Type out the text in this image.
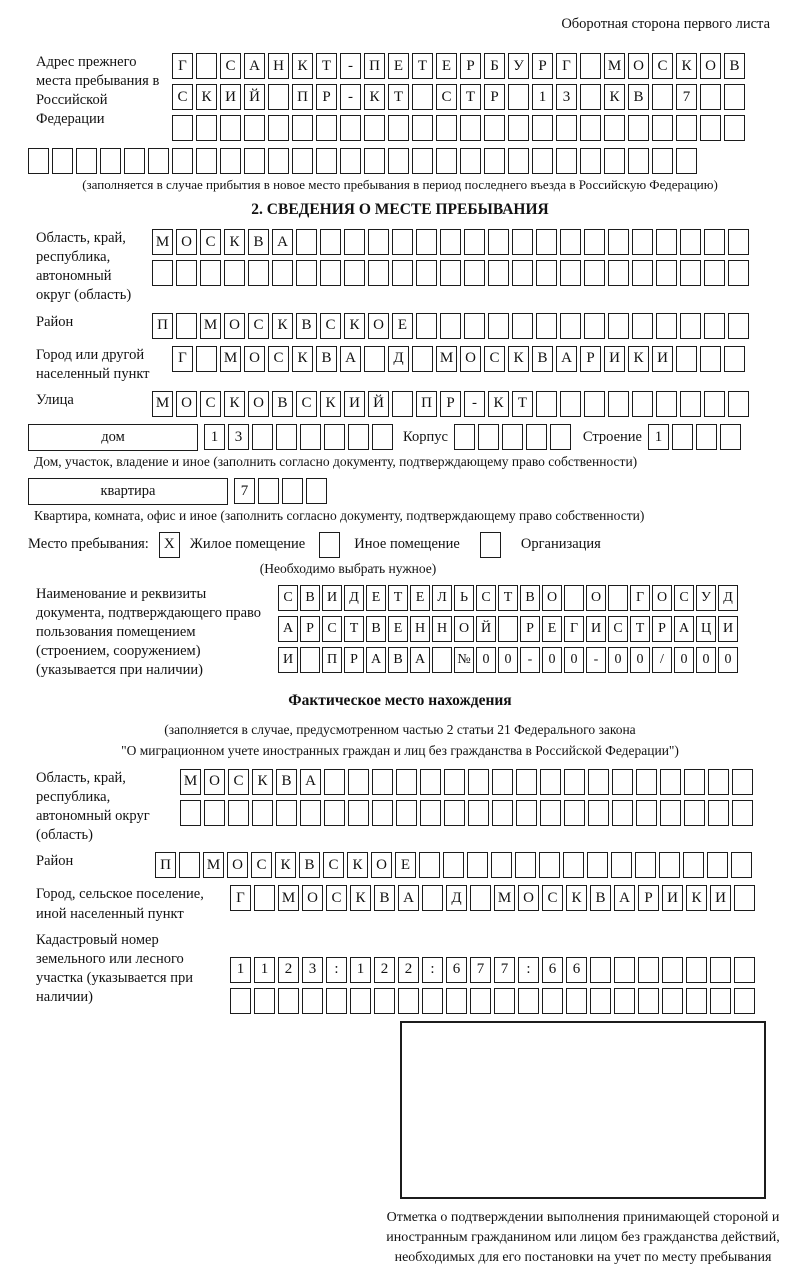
Оборотная сторона первого листа
Адрес прежнего места пребывания в Российской Федерации
Г	С А Н К Т	-	П Е Т Е	Р	Б У Р	Г	М О С К О В
С К И Й	П Р	-	К Т	С Т	Р	1	3	К В	7
(заполняется в случае прибытия в новое место пребывания в период последнего въезда в Российскую Федерацию)
2. СВЕДЕНИЯ О МЕСТЕ ПРЕБЫВАНИЯ
Область, край, республика, автономный округ (область)
М О С К В А
Район	П	М О С К В С К О Е
Город или другой населенный пункт
Г	М О С К В А	Д	М О С К В А Р И К И
Улица	М О С К О В С К И Й	П Р	-	К Т
дом	1	3	Корпус	Строение 1
Дом, участок, владение и иное (заполнить согласно документу, подтверждающему право собственности)
квартира	7
Квартира, комната, офис и иное (заполнить согласно документу, подтверждающему право собственности)
Место пребывания:	X	Жилое помещение	Иное помещение	Организация
(Необходимо выбрать нужное)
Наименование и реквизиты документа, подтверждающего право пользования помещением (строением, сооружением) (указывается при наличии)
С В И Д Е Т Е Л Ь С Т В О	О	Г О С У Д
А Р С Т В Е Н Н О Й	Р Е Г И С Т Р А Ц И
И	П Р А В А	№ 0	0	-	0	0	-	0	0	/	0	0	0
Фактическое место нахождения
(заполняется в случае, предусмотренном частью 2 статьи 21 Федерального закона
"О миграционном учете иностранных граждан и лиц без гражданства в Российской Федерации")
Область, край, республика, автономный округ (область)
М О С К В А
Район	П	М О С К В С К О Е
Город, сельское поселение, иной населенный пункт
Г	М О С К В А	Д	М О С К В А Р И К И
Кадастровый номер земельного или лесного участка (указывается при наличии)
1	1	2	3	:	1	2	2	:	6	7	7	:	6	6
Отметка о подтверждении выполнения принимающей стороной и иностранным гражданином или лицом без гражданства действий, необходимых для его постановки на учет по месту пребывания
